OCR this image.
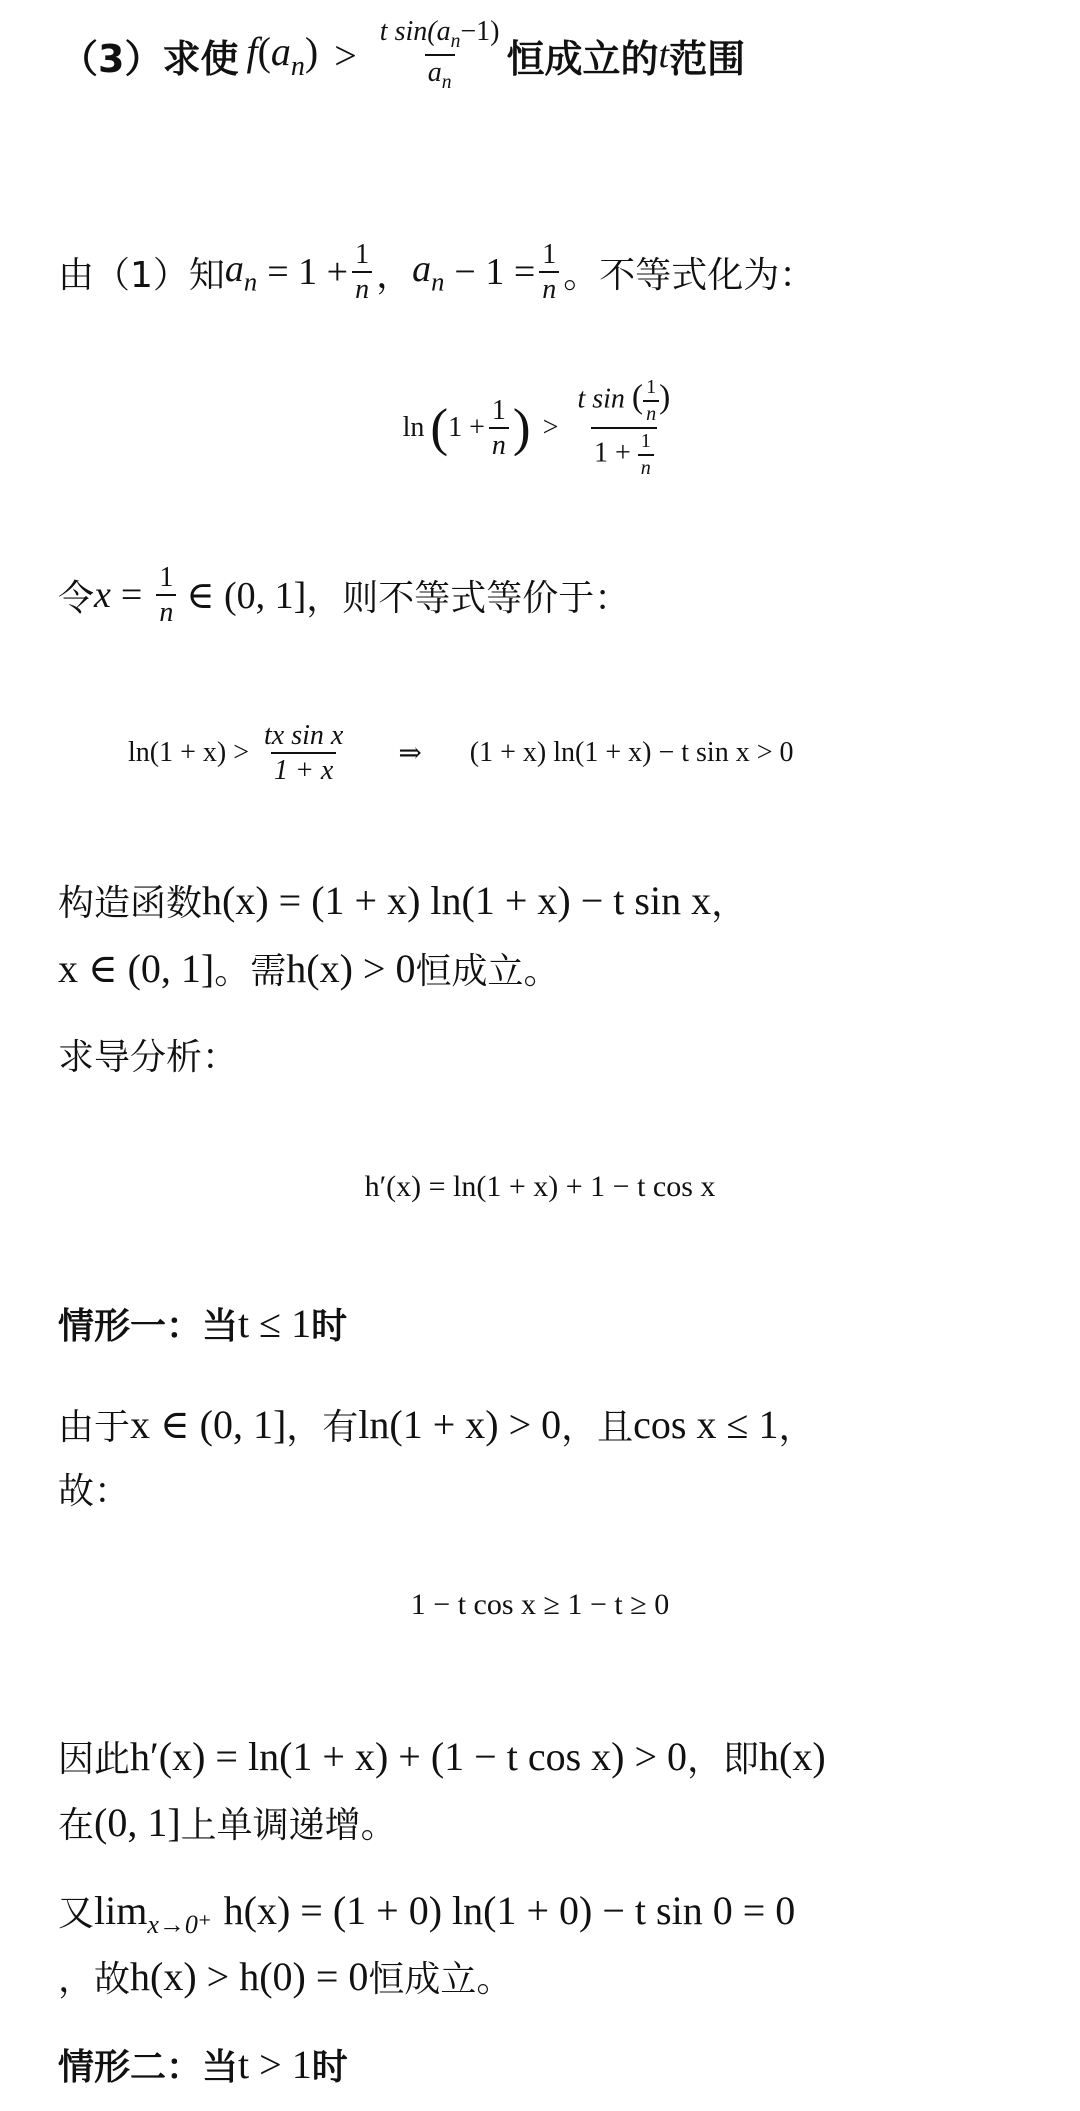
（3）求使 $f(a_n) > \frac{t \sin(a_n-1)}{a_n}$ 恒成立的 t 范围
由（1）知 $a_n = 1 + \frac{1}{n}$ ， $a_n - 1 = \frac{1}{n}$ 。不等式化为：
ln ( $1 + \frac{1}{n}$ ) > $\frac{t \sin ( \frac{1}{n} )}{1 + \frac{1}{n}}$
令 $x = \frac{1}{n}$ ∈ (0, 1] ，则不等式等价于：
$\ln(1 + x) > \frac{\text{tx sin x}}{1 + x}$ ⇒ (1 + x) ln(1 + x) − t sin x > 0
构造函数 h(x) = (1 + x) ln(1 + x) − t sin x ，
x ∈ (0, 1] 。需 h(x) > 0 恒成立。
求导分析：
h′(x) = ln(1 + x) + 1 − t cos x
情形一：当 t ≤ 1 时
由于 x ∈ (0, 1] ，有 ln(1 + x) > 0 ，且 cos x ≤ 1 ，
故：
1 − t cos x ≥ 1 − t ≥ 0
因此 h′(x) = ln(1 + x) + (1 − t cos x) > 0 ，即 h(x)
在 (0, 1] 上单调递增。
又 lim x→0⁺ h(x) = (1 + 0) ln(1 + 0) − t sin 0 = 0
，故 h(x) > h(0) = 0 恒成立。
情形二：当 t > 1 时
